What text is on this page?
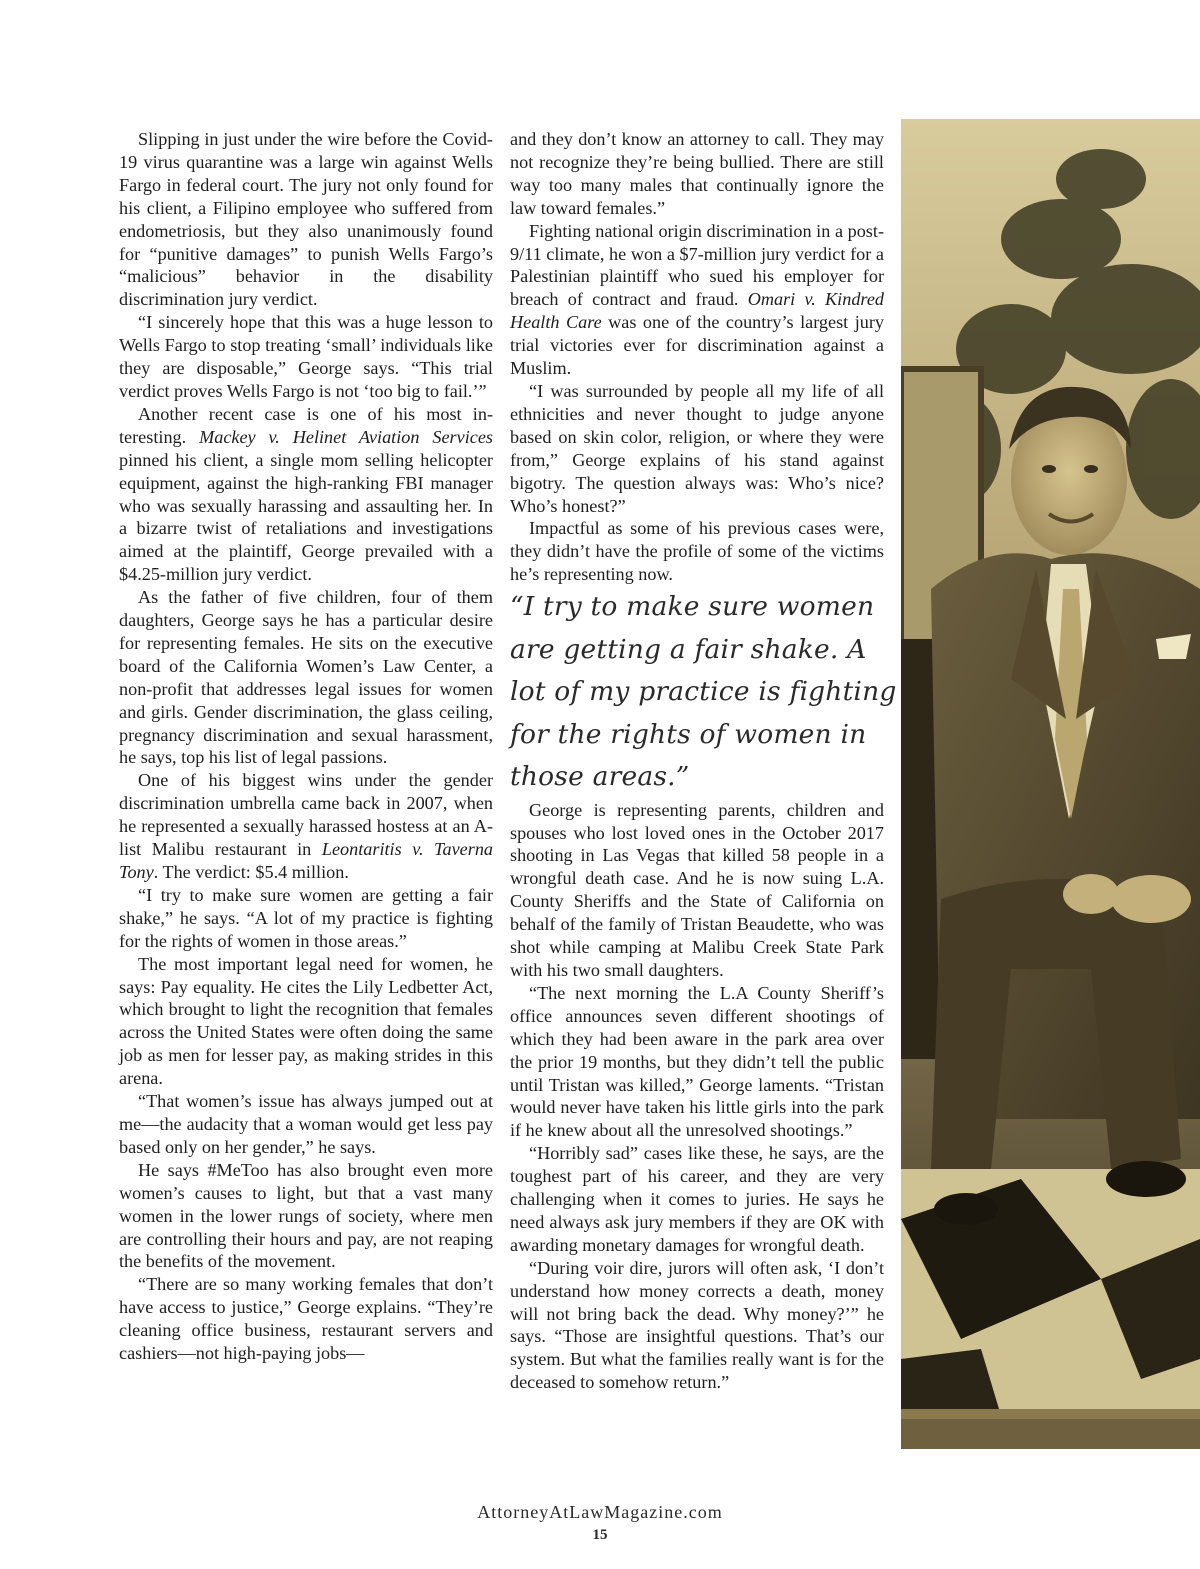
Slipping in just under the wire before the Covid-19 virus quarantine was a large win against Wells Fargo in federal court. The jury not only found for his client, a Filipino employee who suffered from endometriosis, but they also unanimously found for “punitive damages” to punish Wells Fargo’s “malicious” behavior in the disability discrimination jury verdict.

“I sincerely hope that this was a huge lesson to Wells Fargo to stop treating ‘small’ individuals like they are disposable,” George says. “This trial verdict proves Wells Fargo is not ‘too big to fail.’”

Another recent case is one of his most interesting. Mackey v. Helinet Aviation Services pinned his client, a single mom selling helicopter equipment, against the high-ranking FBI manager who was sexually harassing and assaulting her. In a bizarre twist of retaliations and investigations aimed at the plaintiff, George prevailed with a $4.25-million jury verdict.

As the father of five children, four of them daughters, George says he has a particular desire for representing females. He sits on the executive board of the California Women’s Law Center, a non-profit that addresses legal issues for women and girls. Gender discrimination, the glass ceiling, pregnancy discrimination and sexual harassment, he says, top his list of legal passions.

One of his biggest wins under the gender discrimination umbrella came back in 2007, when he represented a sexually harassed hostess at an A-list Malibu restaurant in Leontaritis v. Taverna Tony. The verdict: $5.4 million.

“I try to make sure women are getting a fair shake,” he says. “A lot of my practice is fighting for the rights of women in those areas.”

The most important legal need for women, he says: Pay equality. He cites the Lily Ledbetter Act, which brought to light the recognition that females across the United States were often doing the same job as men for lesser pay, as making strides in this arena.

“That women’s issue has always jumped out at me—the audacity that a woman would get less pay based only on her gender,” he says.

He says #MeToo has also brought even more women’s causes to light, but that a vast many women in the lower rungs of society, where men are controlling their hours and pay, are not reaping the benefits of the movement.

“There are so many working females that don’t have access to justice,” George explains. “They’re cleaning office business, restaurant servers and cashiers—not high-paying jobs—

and they don’t know an attorney to call. They may not recognize they’re being bullied. There are still way too many males that continually ignore the law toward females.”

Fighting national origin discrimination in a post-9/11 climate, he won a $7-million jury verdict for a Palestinian plaintiff who sued his employer for breach of contract and fraud. Omari v. Kindred Health Care was one of the country’s largest jury trial victories ever for discrimination against a Muslim.

“I was surrounded by people all my life of all ethnicities and never thought to judge anyone based on skin color, religion, or where they were from,” George explains of his stand against bigotry. The question always was: Who’s nice? Who’s honest?”

Impactful as some of his previous cases were, they didn’t have the profile of some of the victims he’s representing now.

“I try to make sure women are getting a fair shake. A lot of my practice is fighting for the rights of women in those areas.”

George is representing parents, children and spouses who lost loved ones in the October 2017 shooting in Las Vegas that killed 58 people in a wrongful death case. And he is now suing L.A. County Sheriffs and the State of California on behalf of the family of Tristan Beaudette, who was shot while camping at Malibu Creek State Park with his two small daughters.

“The next morning the L.A County Sheriff’s office announces seven different shootings of which they had been aware in the park area over the prior 19 months, but they didn’t tell the public until Tristan was killed,” George laments. “Tristan would never have taken his little girls into the park if he knew about all the unresolved shootings.”

“Horribly sad” cases like these, he says, are the toughest part of his career, and they are very challenging when it comes to juries. He says he need always ask jury members if they are OK with awarding monetary damages for wrongful death.

“During voir dire, jurors will often ask, ‘I don’t understand how money corrects a death, money will not bring back the dead. Why money?’” he says. “Those are insightful questions. That’s our system. But what the families really want is for the deceased to somehow return.”

AttorneyAtLawMagazine.com
15
